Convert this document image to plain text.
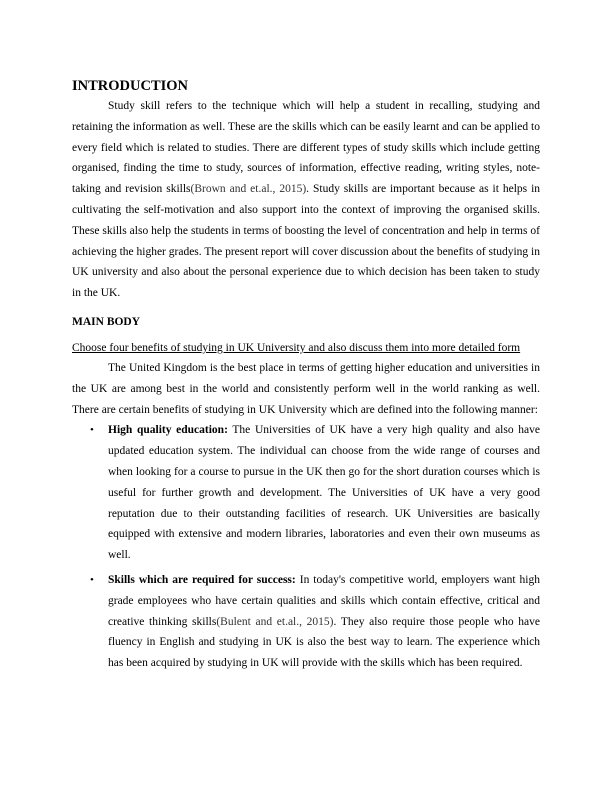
INTRODUCTION

Study skill refers to the technique which will help a student in recalling, studying and retaining the information as well. These are the skills which can be easily learnt and can be applied to every field which is related to studies. There are different types of study skills which include getting organised, finding the time to study, sources of information, effective reading, writing styles, note-taking and revision skills(Brown and et.al., 2015). Study skills are important because as it helps in cultivating the self-motivation and also support into the context of improving the organised skills. These skills also help the students in terms of boosting the level of concentration and help in terms of achieving the higher grades. The present report will cover discussion about the benefits of studying in UK university and also about the personal experience due to which decision has been taken to study in the UK.

MAIN BODY
Choose four benefits of studying in UK University and also discuss them into more detailed form

The United Kingdom is the best place in terms of getting higher education and universities in the UK are among best in the world and consistently perform well in the world ranking as well. There are certain benefits of studying in UK University which are defined into the following manner:

• High quality education: The Universities of UK have a very high quality and also have updated education system. The individual can choose from the wide range of courses and when looking for a course to pursue in the UK then go for the short duration courses which is useful for further growth and development. The Universities of UK have a very good reputation due to their outstanding facilities of research. UK Universities are basically equipped with extensive and modern libraries, laboratories and even their own museums as well.
• Skills which are required for success: In today's competitive world, employers want high grade employees who have certain qualities and skills which contain effective, critical and creative thinking skills(Bulent and et.al., 2015). They also require those people who have fluency in English and studying in UK is also the best way to learn. The experience which has been acquired by studying in UK will provide with the skills which has been required.
